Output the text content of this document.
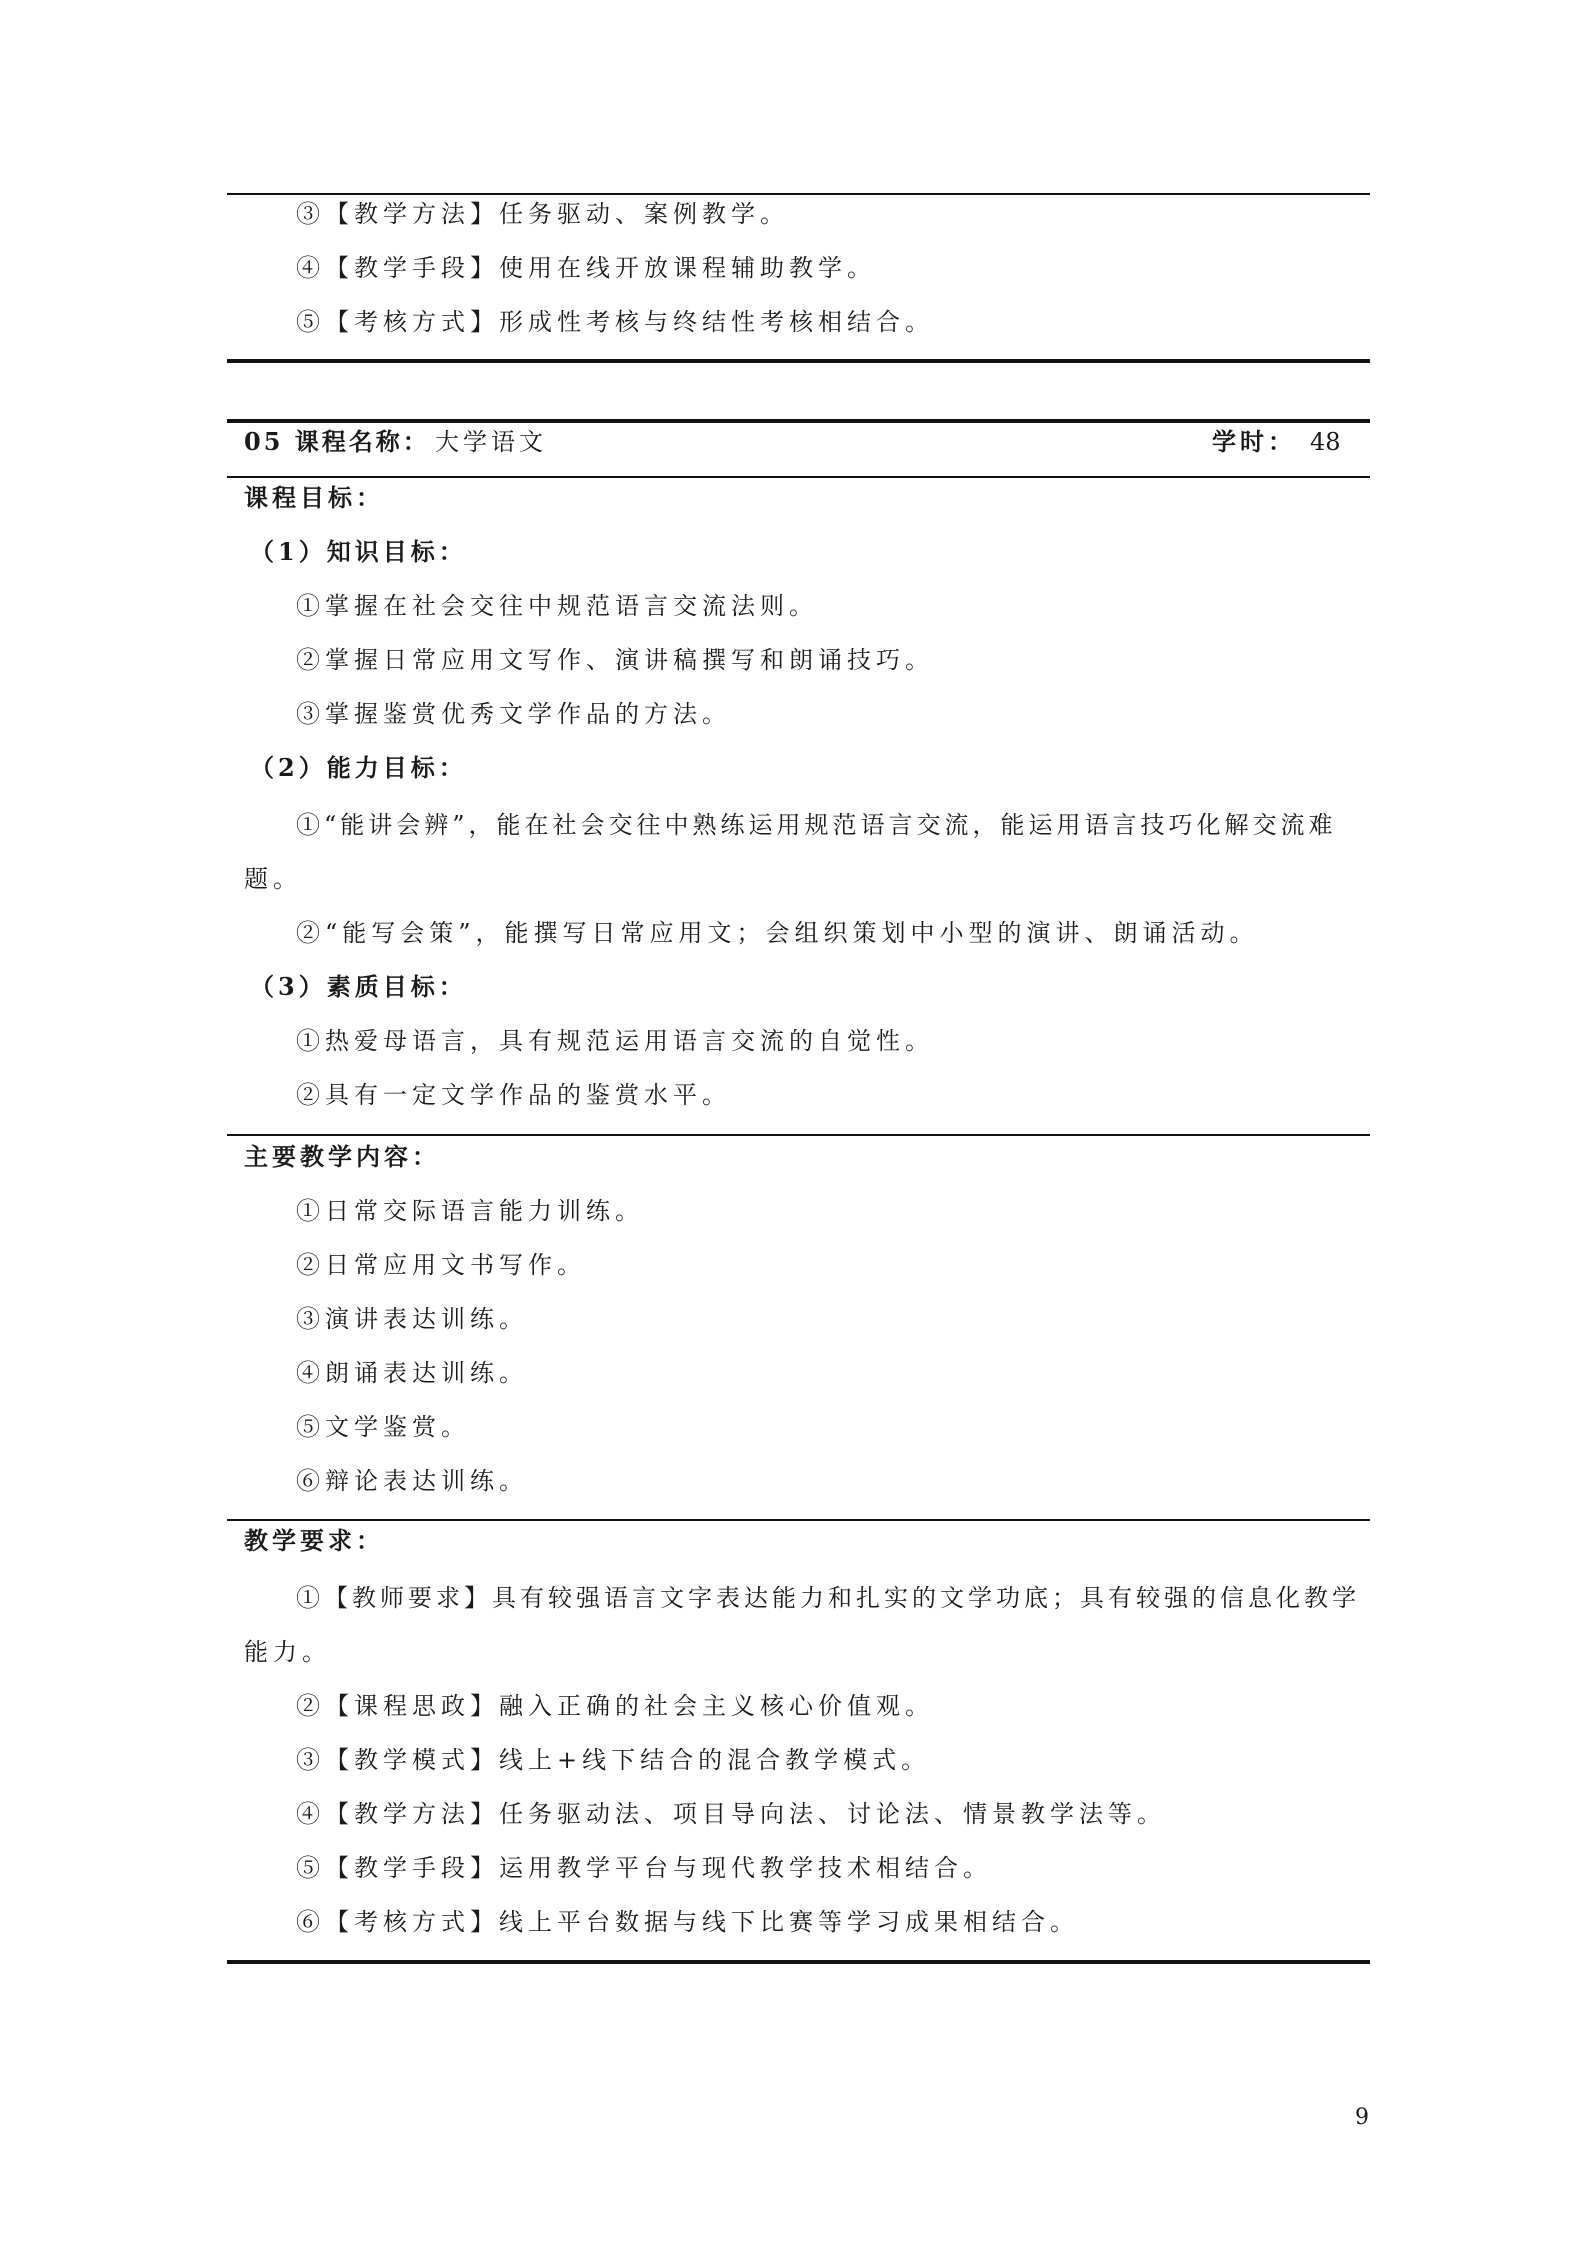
③【教学方法】任务驱动、案例教学。
④【教学手段】使用在线开放课程辅助教学。
⑤【考核方式】形成性考核与终结性考核相结合。
05 课程名称： 大学语文	学时： 48
课程目标：
（1）知识目标：
①掌握在社会交往中规范语言交流法则。
②掌握日常应用文写作、演讲稿撰写和朗诵技巧。
③掌握鉴赏优秀文学作品的方法。
（2）能力目标：
①“能讲会辨”，能在社会交往中熟练运用规范语言交流，能运用语言技巧化解交流难
题。
②“能写会策”，能撰写日常应用文；会组织策划中小型的演讲、朗诵活动。
（3）素质目标：
①热爱母语言，具有规范运用语言交流的自觉性。
②具有一定文学作品的鉴赏水平。
主要教学内容：
①日常交际语言能力训练。
②日常应用文书写作。
③演讲表达训练。
④朗诵表达训练。
⑤文学鉴赏。
⑥辩论表达训练。
教学要求：
①【教师要求】具有较强语言文字表达能力和扎实的文学功底；具有较强的信息化教学
能力。
②【课程思政】融入正确的社会主义核心价值观。
③【教学模式】线上+线下结合的混合教学模式。
④【教学方法】任务驱动法、项目导向法、讨论法、情景教学法等。
⑤【教学手段】运用教学平台与现代教学技术相结合。
⑥【考核方式】线上平台数据与线下比赛等学习成果相结合。
9
